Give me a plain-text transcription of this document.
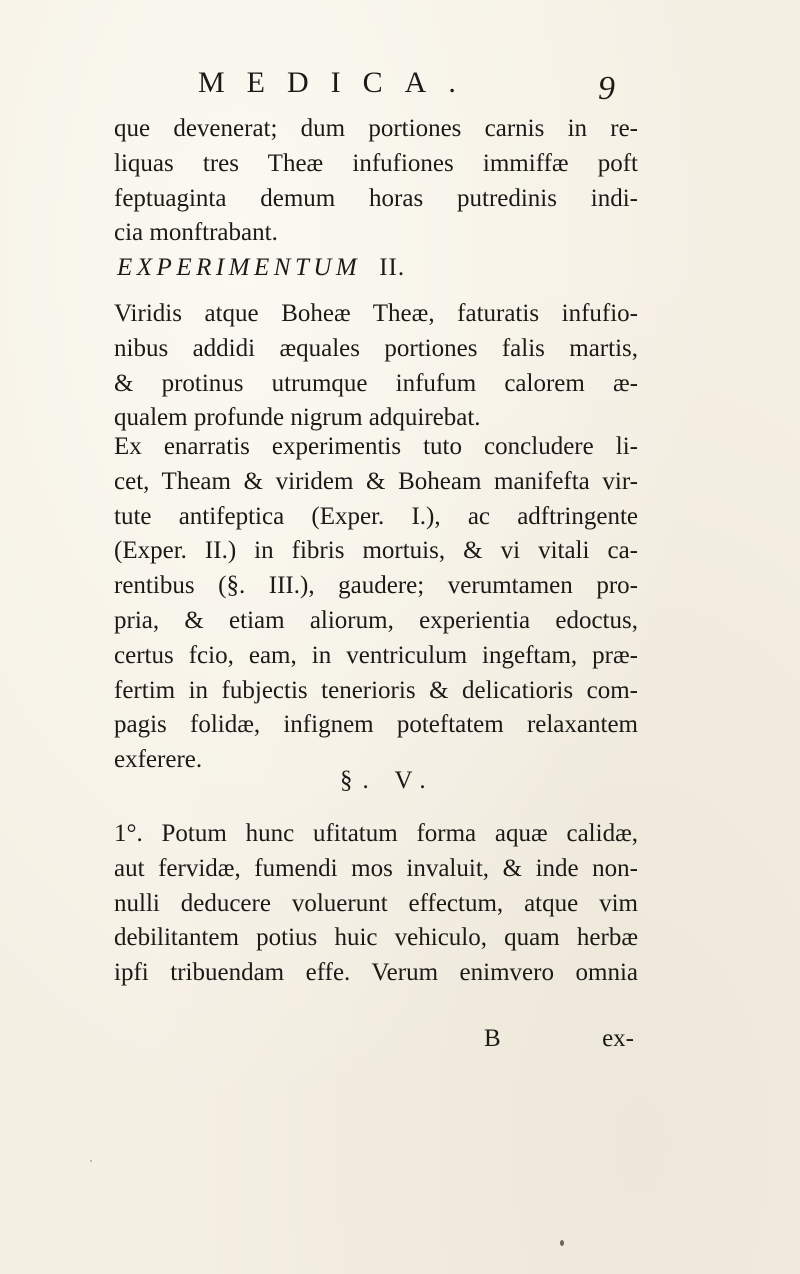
MEDICA.	9
que devenerat; dum portiones carnis in re-
liquas tres Theæ infufiones immiffæ poft
feptuaginta demum horas putredinis indi-
cia monftrabant.
EXPERIMENTUM II.
Viridis atque Boheæ Theæ, faturatis infufio-
nibus addidi æquales portiones falis martis,
& protinus utrumque infufum calorem æ-
qualem profunde nigrum adquirebat.
Ex enarratis experimentis tuto concludere li-
cet, Theam & viridem & Boheam manifefta vir-
tute antifeptica (Exper. I.), ac adftringente
(Exper. II.) in fibris mortuis, & vi vitali ca-
rentibus (§. III.), gaudere; verumtamen pro-
pria, & etiam aliorum, experientia edoctus,
certus fcio, eam, in ventriculum ingeftam, præ-
fertim in fubjectis tenerioris & delicatioris com-
pagis folidæ, infignem poteftatem relaxantem
exferere.
§. V.
1°. Potum hunc ufitatum forma aquæ calidæ,
aut fervidæ, fumendi mos invaluit, & inde non-
nulli deducere voluerunt effectum, atque vim
debilitantem potius huic vehiculo, quam herbæ
ipfi tribuendam effe. Verum enimvero omnia
B	ex-
